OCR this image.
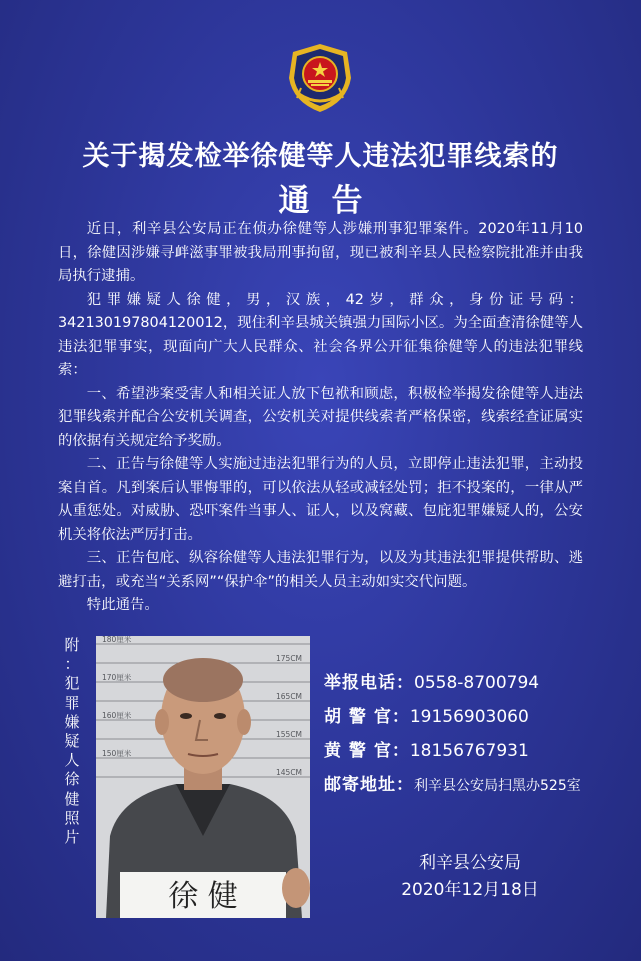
关于揭发检举徐健等人违法犯罪线索的
通告

近日，利辛县公安局正在侦办徐健等人涉嫌刑事犯罪案件。2020年11月10日，徐健因涉嫌寻衅滋事罪被我局刑事拘留，现已被利辛县人民检察院批准并由我局执行逮捕。

犯罪嫌疑人徐健，男，汉族，42岁，群众，身份证号码：342130197804120012，现住利辛县城关镇强力国际小区。为全面查清徐健等人违法犯罪事实，现面向广大人民群众、社会各界公开征集徐健等人的违法犯罪线索：

一、希望涉案受害人和相关证人放下包袱和顾虑，积极检举揭发徐健等人违法犯罪线索并配合公安机关调查，公安机关对提供线索者严格保密，线索经查证属实的依据有关规定给予奖励。

二、正告与徐健等人实施过违法犯罪行为的人员，立即停止违法犯罪，主动投案自首。凡到案后认罪悔罪的，可以依法从轻或减轻处罚；拒不投案的，一律从严从重惩处。对威胁、恐吓案件当事人、证人，以及窝藏、包庇犯罪嫌疑人的，公安机关将依法严厉打击。

三、正告包庇、纵容徐健等人违法犯罪行为，以及为其违法犯罪提供帮助、逃避打击，或充当“关系网”“保护伞”的相关人员主动如实交代问题。

特此通告。

附
：
犯
罪
嫌
疑
人
徐
健
照
片
180厘米
175CM
170厘米
165CM
160厘米
155CM
150厘米
145CM
徐 健
举报电话：0558-8700794
胡 警 官：19156903060
黄 警 官：18156767931
邮寄地址：利辛县公安局扫黑办525室
利辛县公安局
2020年12月18日
